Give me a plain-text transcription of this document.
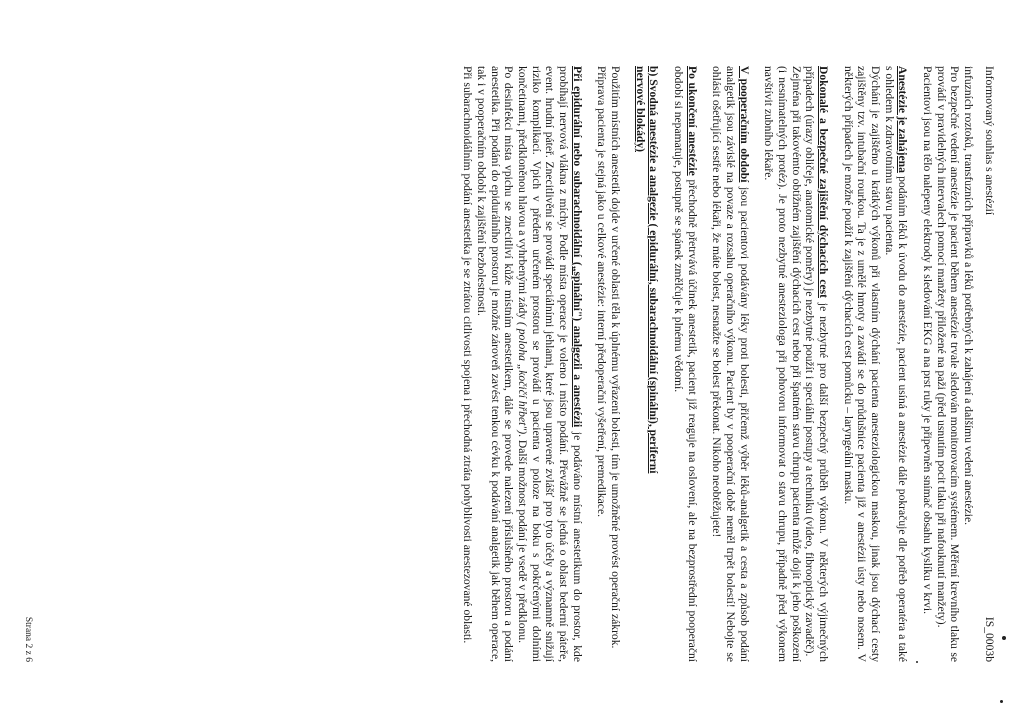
Informovaný souhlas s anestézií
IS_0003b

infuzních roztoků, transfuzních přípravků a léků potřebných k zahájení a dalšímu vedení anestézie.

Pro bezpečné vedení anestézie je pacient během anestézie trvale sledován monitorovacím systémem. Měření krevního tlaku se provádí v pravidelných intervalech pomocí manžety přiložené na paži (před usnutím pocit tlaku při nafouknutí manžety).

Pacientovi jsou na tělo nalepeny elektrody k sledování EKG a na prst ruky je připevněn snímač obsahu kyslíku v krvi.

Anestézie je zahájena podáním léků k úvodu do anestézie, pacient usíná a anestézie dále pokračuje dle potřeb operatéra a také s ohledem k zdravotnímu stavu pacienta.

Dýchání je zajištěno u krátkých výkonů při vlastním dýchání pacienta anesteziologickou maskou, jinak jsou dýchací cesty zajištěny tzv. intubační rourkou. Ta je z umělé hmoty a zavádí se do průdušnice pacienta již v anestézii ústy nebo nosem. V některých případech je možné použít k zajištění dýchacích cest pomůcku – laryngeální masku.

Dokonalé a bezpečné zajištění dýchacích cest je nezbytné pro další bezpečný průběh výkonu. V některých výjimečných případech (úrazy obličeje, anatomické poměry) je nezbytné použít i speciální postupy a techniku (video, fibrooptický zavaděč).

Zejména při takovémto obtížném zajištění dýchacích cest nebo při špatném stavu chrupu pacienta může dojít k jeho poškození (i nesnímatelných protéz). Je proto nezbytné anesteziologa při pohovoru informovat o stavu chrupu, případně před výkonem navštívit zubního lékaře.

V pooperačním období jsou pacientovi podávány léky proti bolesti, přičemž výběr léků-analgetik a cesta a způsob podání analgetik jsou závislé na povaze a rozsahu operačního výkonu. Pacient by v pooperační době neměl trpět bolestí! Nebojte se ohlásit ošetřující sestře nebo lékaři, že máte bolest, nesnažte se bolest překonat. Nikoho neobtěžujete!

Po ukončení anestézie přechodně přetrvává účinek anestetik, pacient již reaguje na oslovení, ale na bezprostřední pooperační období si nepamatuje, postupně se spánek změlčuje k plnému vědomí.

b) Svodná anestézie a analgezie ( epidurální, subarachnoidální (spinální), periferní

nervové blokády)

Použitím místních anestetik dojde v určené oblasti těla k úplnému vyřazení bolesti, tím je umožněné provést operační zákrok.

Příprava pacienta je stejná jako u celkové anestézie: interní předoperační vyšetření, premedikace.

Při epidurální nebo subarachnoidální („spinální") analgezii a anestézii je podáváno místní anestetikum do prostor, kde probíhají nervová vlákna z míchy. Podle místa operace je voleno i místo podání. Převážně se jedná o oblast bederní páteře, event. hrudní páteř. Znecitlivění se provádí speciálními jehlami, které jsou upravené zvlášť pro tyto účely a významně snižují riziko komplikací. Vpich v předem určeném prostoru se provádí u pacienta v poloze na boku s pokrčenými dolními končetinami, předkloněnou hlavou a vyhrbenými zády ( poloha „kočičí hřbet"). Další možnost podání je vsedě v předklonu.

Po desinfekci místa vpichu se znecitliví kůže místním anestetikem, dále se provede nalezení příslušného prostoru a podání anestetika. Při podání do epidurálního prostoru je možné zároveň zavést tenkou cévku k podávání analgetik jak během operace, tak i v pooperačním období k zajištění bezbolestnosti.

Při subarachnoidálním podání anestetika je se ztrátou citlivosti spojena i přechodná ztráta pohyblivosti anestezované oblasti.

Strana 2 z 6
